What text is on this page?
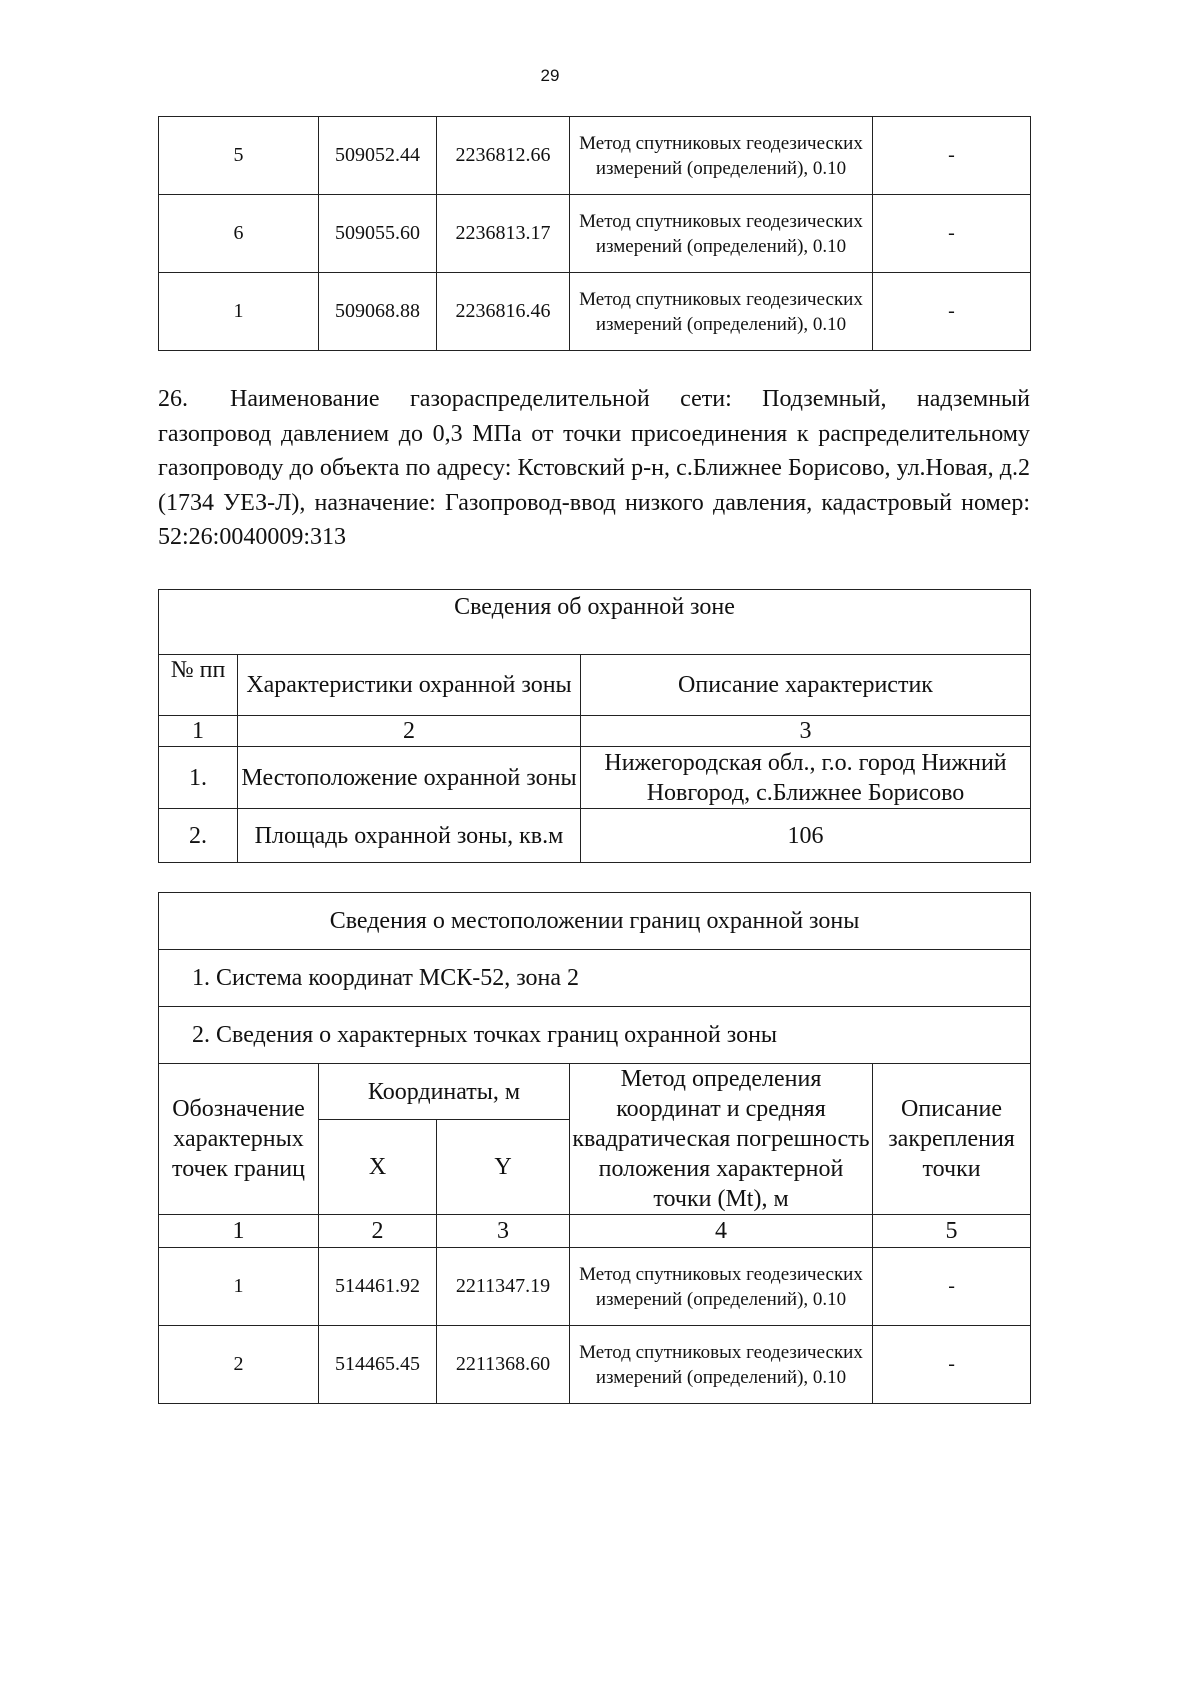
29
5	509052.44	2236812.66	Метод спутниковых геодезических измерений (определений), 0.10	-
6	509055.60	2236813.17	Метод спутниковых геодезических измерений (определений), 0.10	-
1	509068.88	2236816.46	Метод спутниковых геодезических измерений (определений), 0.10	-

26. Наименование газораспределительной сети: Подземный, надземный газопровод давлением до 0,3 МПа от точки присоединения к распределительному газопроводу до объекта по адресу: Кстовский р-н, с.Ближнее Борисово, ул.Новая, д.2 (1734 УЕЗ-Л), назначение: Газопровод-ввод низкого давления, кадастровый номер: 52:26:0040009:313

Сведения об охранной зоне		
№ пп	Характеристики охранной зоны	Описание характеристик
1	2	3
1.	Местоположение охранной зоны	Нижегородская обл., г.о. город Нижний Новгород, с.Ближнее Борисово
2.	Площадь охранной зоны, кв.м	106
Сведения о местоположении границ охранной зоны				
1. Система координат МСК-52, зона 2				
2. Сведения о характерных точках границ охранной зоны				
Обозначение характерных точек границ	Координаты, м		Метод определения координат и средняя квадратическая погрешность положения характерной точки (Mt), м	Описание закрепления точки
	X	Y		
1	2	3	4	5
1	514461.92	2211347.19	Метод спутниковых геодезических измерений (определений), 0.10	-
2	514465.45	2211368.60	Метод спутниковых геодезических измерений (определений), 0.10	-
